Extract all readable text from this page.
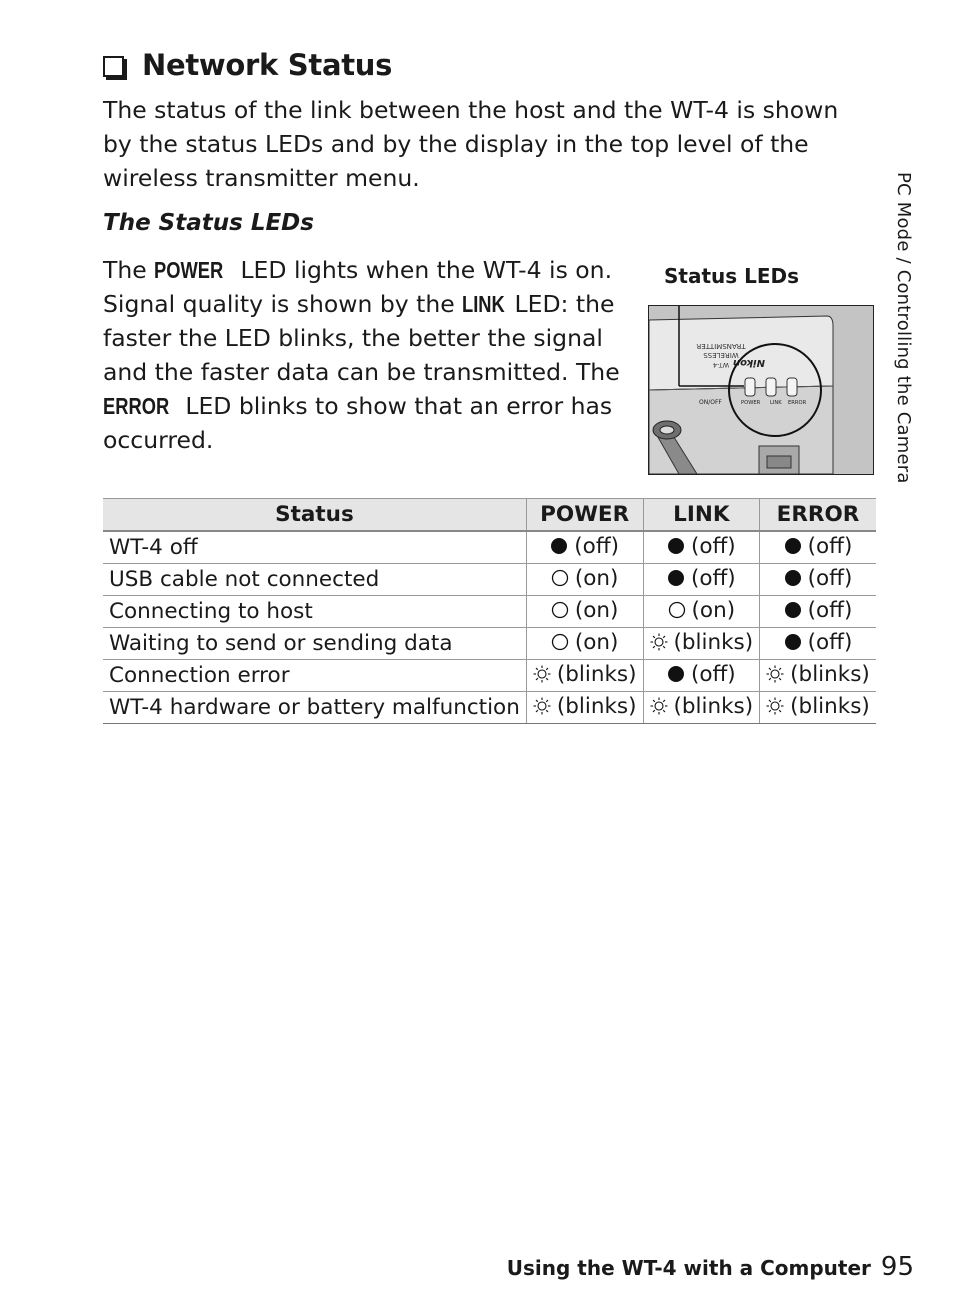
Network Status

The status of the link between the host and the WT-4 is shown by the status LEDs and by the display in the top level of the wireless transmitter menu.

The Status LEDs

The POWER LED lights when the WT-4 is on. Signal quality is shown by the LINK LED: the faster the LED blinks, the better the signal and the faster data can be transmitted. The ERROR LED blinks to show that an error has occurred.

Status LEDs
WT-4
WIRELESS
TRANSMITTER
Nikon
ON/OFF	POWER LINK ERROR	PC Mode / Controlling the Camera
Status	POWER	LINK	ERROR
WT-4 off	(off)	(off)	(off)

USB cable not connected	(on)	(off)	(off)

Connecting to host	(on)	(on)	(off)

Waiting to send or sending data	(on)	(blinks)	(off)

Connection error	(blinks)	(off)	(blinks)

WT-4 hardware or battery malfunction	(blinks)	(blinks)	(blinks)
Using the WT-4 with a Computer 95
